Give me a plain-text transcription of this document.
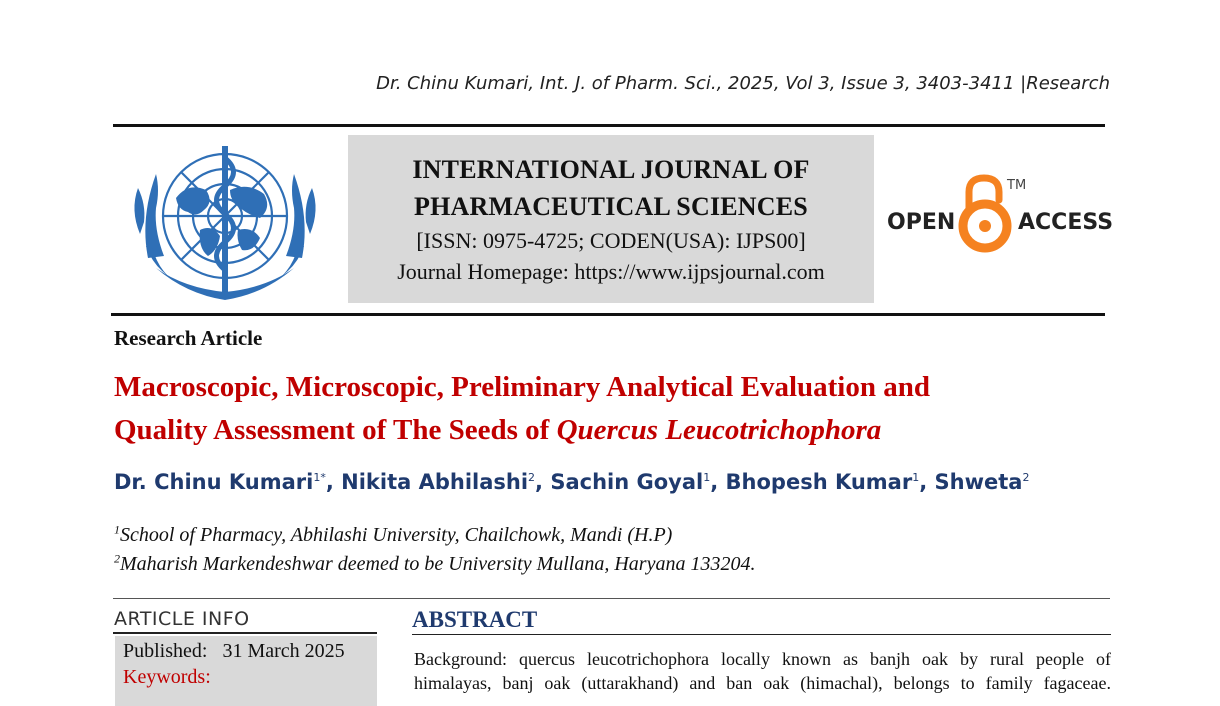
Dr. Chinu Kumari, Int. J. of Pharm. Sci., 2025, Vol 3, Issue 3, 3403-3411 |Research
INTERNATIONAL JOURNAL OF
PHARMACEUTICAL SCIENCES
[ISSN: 0975-4725; CODEN(USA): IJPS00]
Journal Homepage: https://www.ijpsjournal.com
OPEN	ACCESS
TM
Research Article
Macroscopic, Microscopic, Preliminary Analytical Evaluation and
Quality Assessment of The Seeds of Quercus Leucotrichophora
Dr. Chinu Kumari$^{1*}$, Nikita Abhilashi$^2$, Sachin Goyal$^1$, Bhopesh Kumar$^1$, Shweta$^2$
$^1$School of Pharmacy, Abhilashi University, Chailchowk, Mandi (H.P)
$^2$Maharish Markendeshwar deemed to be University Mullana, Haryana 133204.
ARTICLE INFO
Published: 31 March 2025
Keywords:
ABSTRACT
Background: quercus leucotrichophora locally known as banjh oak by rural people of
himalayas, banj oak (uttarakhand) and ban oak (himachal), belongs to family fagaceae.
